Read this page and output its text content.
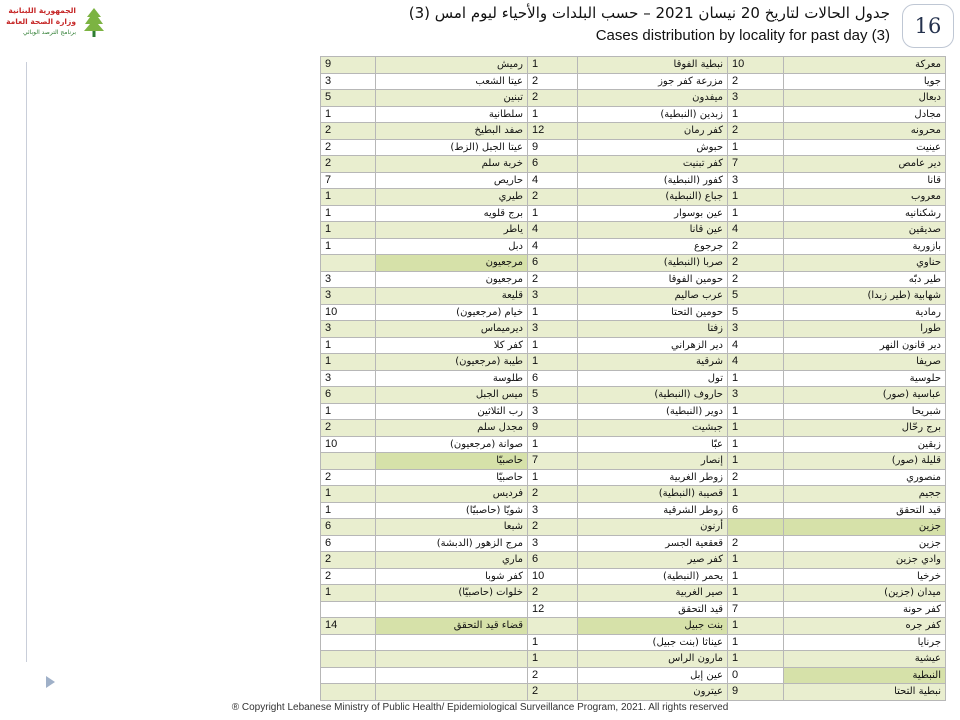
الجمهورية اللبنانية
وزارة الصحة العامة
برنامج الترصد الوبائي
جدول الحالات لتاريخ 20 نيسان 2021 – حسب البلدات والأحياء ليوم امس (3)
Cases distribution by locality for past day (3)	16
9	رميش	1	نبطية الفوقا	10	معركة
3	عيتا الشعب	2	مزرعة كفر جوز	2	جويا
5	تبنين	2	ميفدون	3	دبعال
1	سلطانية	1	زبدين (النبطية)	1	مجادل
2	صفد البطيخ	12	كفر رمان	2	محرونه
2	عيتا الجبل (الزط)	9	حبوش	1	عينيت
2	خربة سلم	6	كفر تبنيت	7	دير عامص
7	حاريص	4	كفور (النبطية)	3	قانا
1	طيري	2	جباع (النبطية)	1	معروب
1	برج قلويه	1	عين بوسوار	1	رشكنانيه
1	ياطر	4	عين قانا	4	صديقين
1	دبل	4	جرجوع	2	بازورية
	مرجعيون	6	صربا (النبطية)	2	حناوي
3	مرجعيون	2	حومين الفوقا	2	طير دبّه
3	قليعة	3	عرب صاليم	5	شهابية (طير زبدا)
10	خيام (مرجعيون)	1	حومين التحتا	5	رمادية
3	ديرميماس	3	زفتا	3	طورا
1	كفر كلا	1	دير الزهراني	4	دير قانون النهر
1	طيبة (مرجعيون)	1	شرقية	4	صريفا
3	طلوسة	6	تول	1	حلوسية
6	ميس الجبل	5	حاروف (النبطية)	3	عباسية (صور)
1	رب الثلاثين	3	دوير (النبطية)	1	شبريحا
2	مجدل سلم	9	جبشيت	1	برج رحّال
10	صوانة (مرجعيون)	1	عبّا	1	زبقين
	حاصبيّا	7	إنصار	1	قليلة (صور)
2	حاصبيّا	1	زوطر الغربية	2	منصوري
1	فرديس	2	قصيبة (النبطية)	1	ججيم
1	شويّا (حاصبيّا)	3	زوطر الشرقية	6	قيد التحقق
6	شبعا	2	أرنون		جزين
6	مرج الزهور (الدبشة)	3	قعقعية الجسر	2	جزين
2	ماري	6	كفر صير	1	وادي جزين
2	كفر شوبا	10	يحمر (النبطية)	1	خرخيا
1	خلوات (حاصبيّا)	2	صير الغربية	1	ميدان (جزين)
		12	قيد التحقق	7	كفر حونة
14	قضاء قيد التحقق		بنت جبيل	1	كفر جره
		1	عيناثا (بنت جبيل)	1	جرنايا
		1	مارون الراس	1	عيشية
		2	عين إبل	0	النبطية
		2	عيترون	9	نبطية التحتا
® Copyright Lebanese Ministry of Public Health/ Epidemiological Surveillance Program, 2021. All rights reserved
